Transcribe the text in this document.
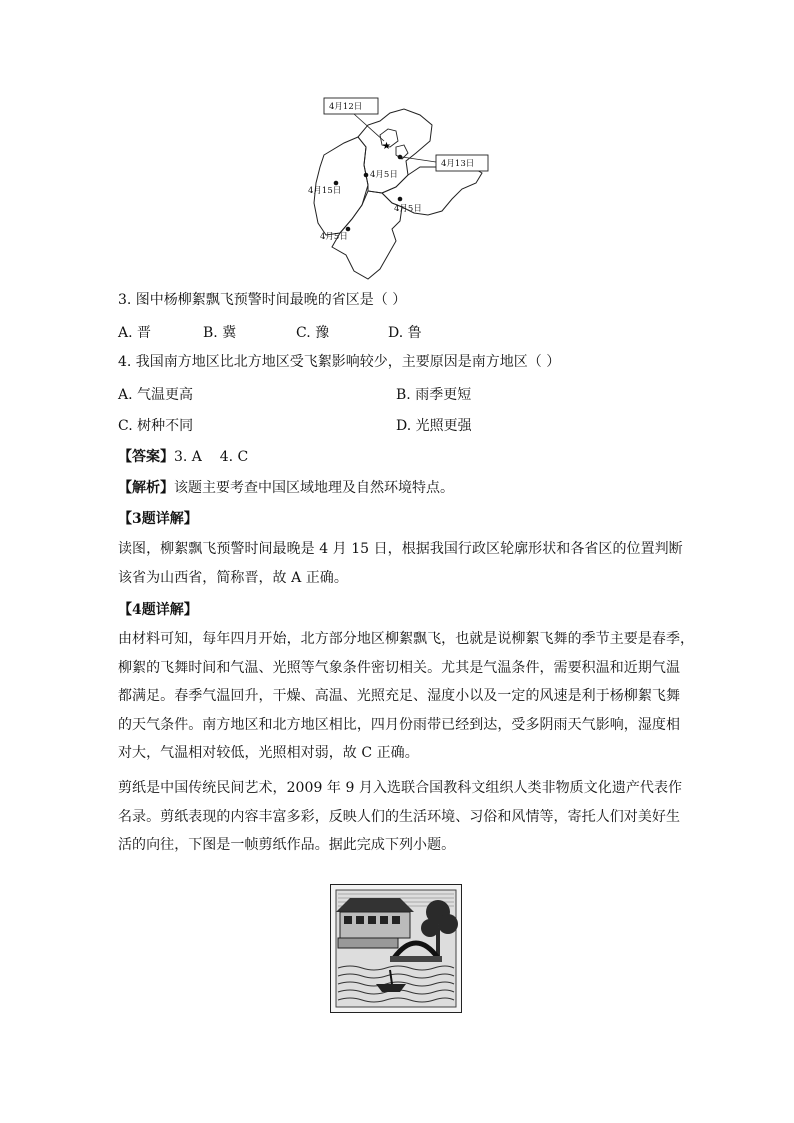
4月12日
4月13日
★
4月5日
4月15日
4月5日
4月5日
3. 图中杨柳絮飘飞预警时间最晚的省区是（ ）
A. 晋	B. 冀	C. 豫	D. 鲁
4. 我国南方地区比北方地区受飞絮影响较少，主要原因是南方地区（ ）
A. 气温更高	B. 雨季更短
C. 树种不同	D. 光照更强
【答案】3. A    4. C
【解析】该题主要考查中国区域地理及自然环境特点。
【3题详解】
读图，柳絮飘飞预警时间最晚是 4 月 15 日，根据我国行政区轮廓形状和各省区的位置判断
该省为山西省，简称晋，故 A 正确。
【4题详解】
由材料可知，每年四月开始，北方部分地区柳絮飘飞，也就是说柳絮飞舞的季节主要是春季，
柳絮的飞舞时间和气温、光照等气象条件密切相关。尤其是气温条件，需要积温和近期气温
都满足。春季气温回升，干燥、高温、光照充足、湿度小以及一定的风速是利于杨柳絮飞舞
的天气条件。南方地区和北方地区相比，四月份雨带已经到达，受多阴雨天气影响，湿度相
对大，气温相对较低，光照相对弱，故 C 正确。
剪纸是中国传统民间艺术，2009 年 9 月入选联合国教科文组织人类非物质文化遗产代表作
名录。剪纸表现的内容丰富多彩，反映人们的生活环境、习俗和风情等，寄托人们对美好生
活的向往，下图是一帧剪纸作品。据此完成下列小题。
